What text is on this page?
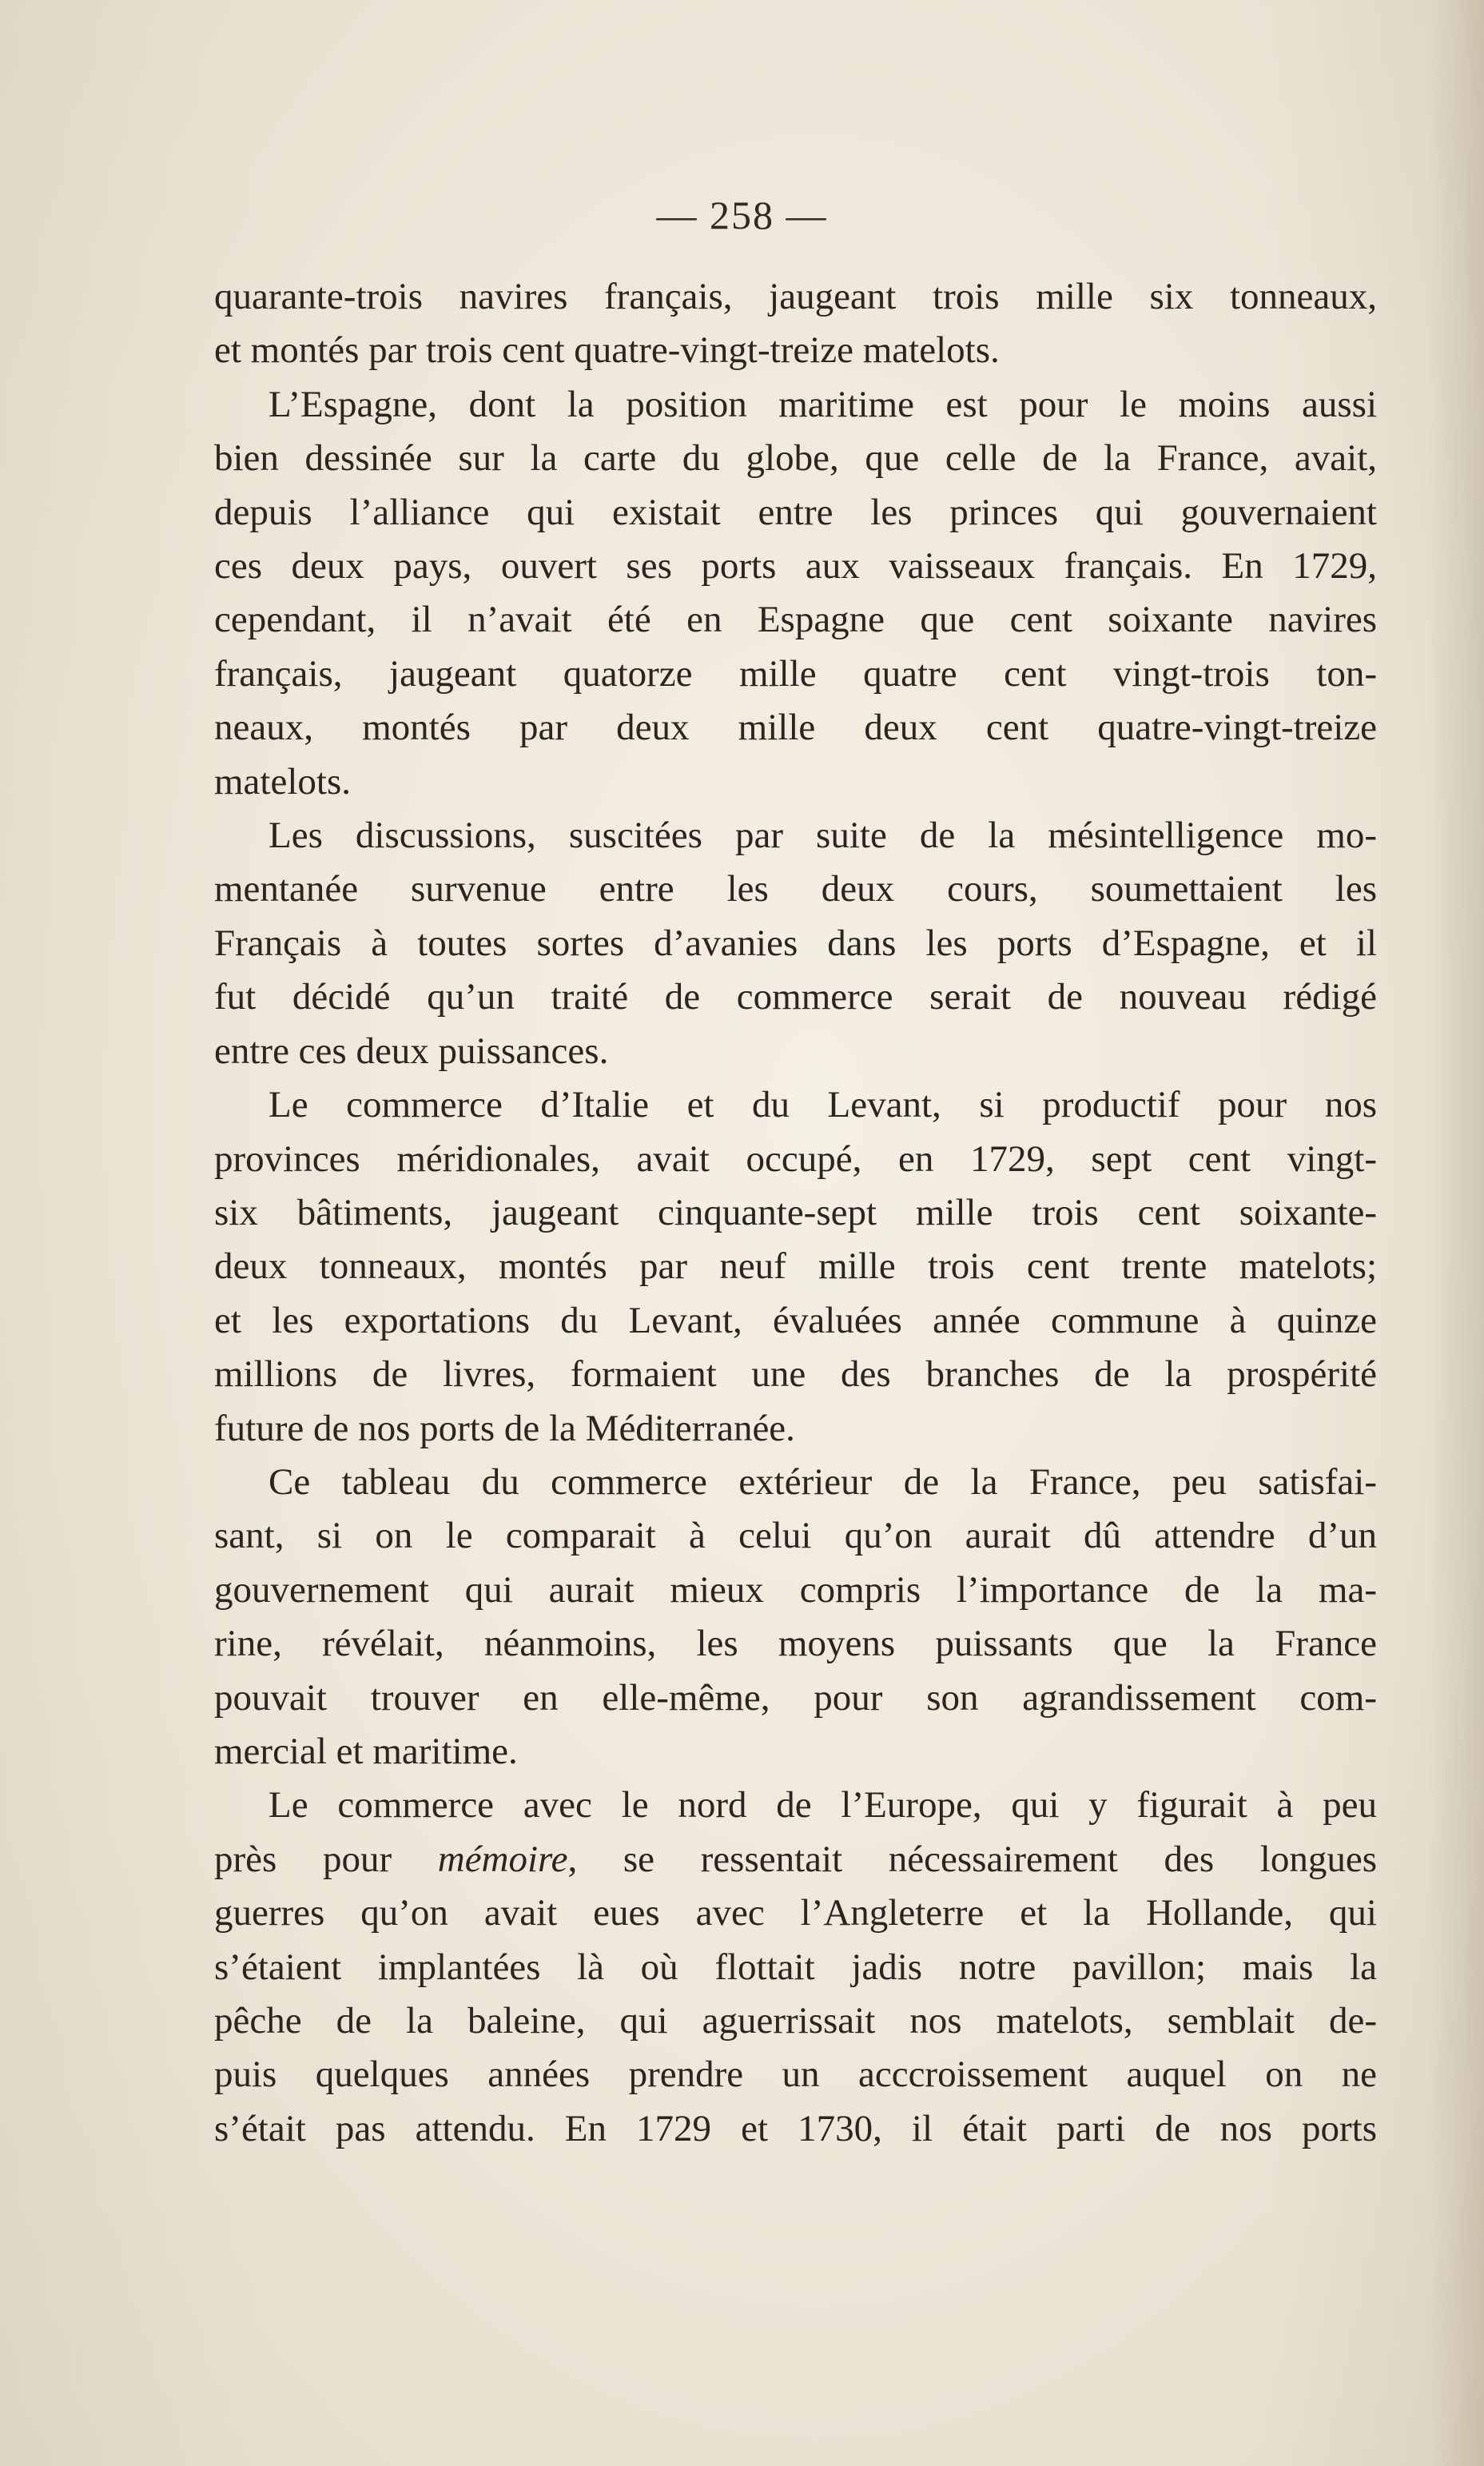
— 258 —

quarante-trois navires français, jaugeant trois mille six tonneaux,

et montés par trois cent quatre-vingt-treize matelots.

L’Espagne, dont la position maritime est pour le moins aussi

bien dessinée sur la carte du globe, que celle de la France, avait,

depuis l’alliance qui existait entre les princes qui gouvernaient

ces deux pays, ouvert ses ports aux vaisseaux français. En 1729,

cependant, il n’avait été en Espagne que cent soixante navires

français, jaugeant quatorze mille quatre cent vingt-trois ton-

neaux, montés par deux mille deux cent quatre-vingt-treize

matelots.

Les discussions, suscitées par suite de la mésintelligence mo-

mentanée survenue entre les deux cours, soumettaient les

Français à toutes sortes d’avanies dans les ports d’Espagne, et il

fut décidé qu’un traité de commerce serait de nouveau rédigé

entre ces deux puissances.

Le commerce d’Italie et du Levant, si productif pour nos

provinces méridionales, avait occupé, en 1729, sept cent vingt-

six bâtiments, jaugeant cinquante-sept mille trois cent soixante-

deux tonneaux, montés par neuf mille trois cent trente matelots;

et les exportations du Levant, évaluées année commune à quinze

millions de livres, formaient une des branches de la prospérité

future de nos ports de la Méditerranée.

Ce tableau du commerce extérieur de la France, peu satisfai-

sant, si on le comparait à celui qu’on aurait dû attendre d’un

gouvernement qui aurait mieux compris l’importance de la ma-

rine, révélait, néanmoins, les moyens puissants que la France

pouvait trouver en elle-même, pour son agrandissement com-

mercial et maritime.

Le commerce avec le nord de l’Europe, qui y figurait à peu

près pour mémoire, se ressentait nécessairement des longues

guerres qu’on avait eues avec l’Angleterre et la Hollande, qui

s’étaient implantées là où flottait jadis notre pavillon; mais la

pêche de la baleine, qui aguerrissait nos matelots, semblait de-

puis quelques années prendre un acccroissement auquel on ne

s’était pas attendu. En 1729 et 1730, il était parti de nos ports
